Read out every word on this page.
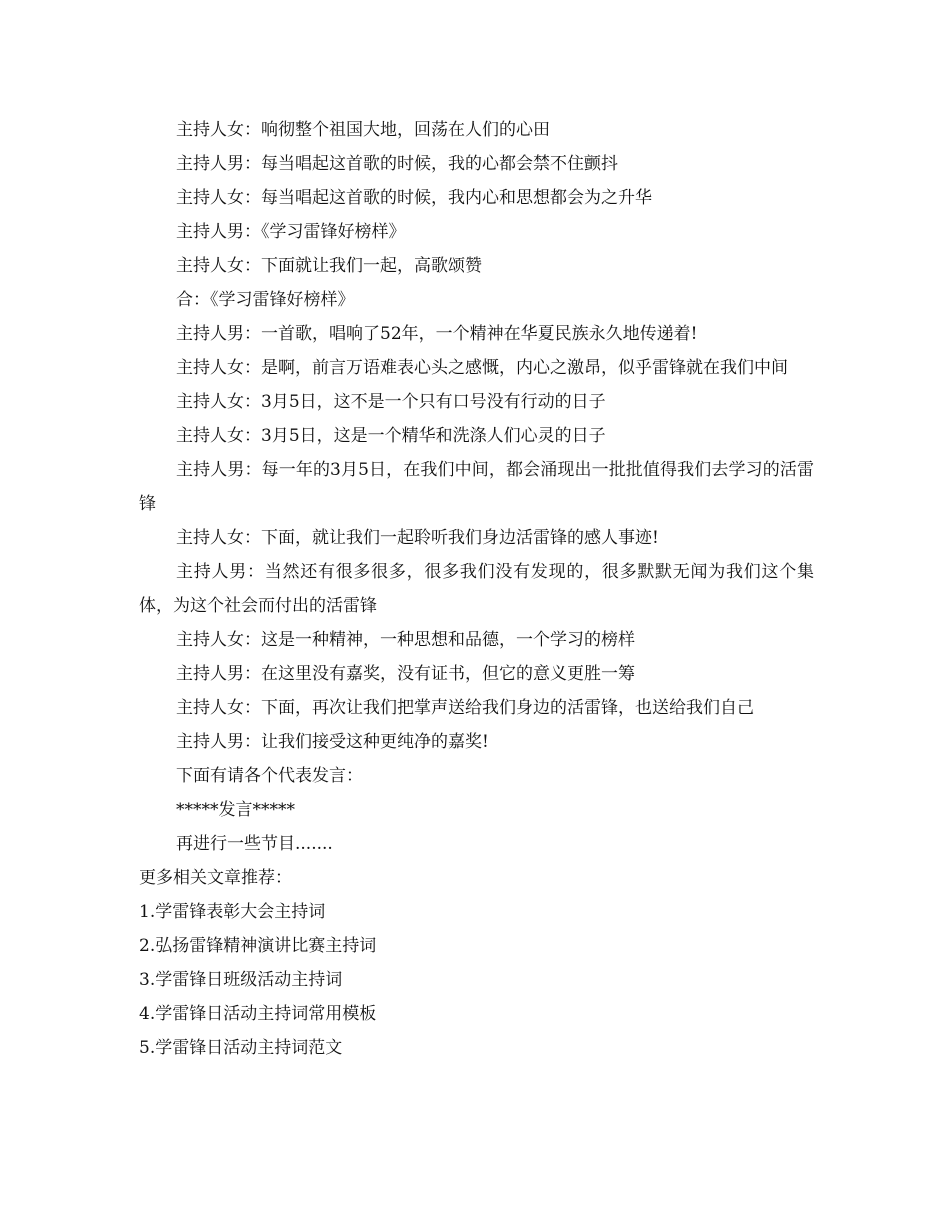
主持人女：响彻整个祖国大地，回荡在人们的心田

主持人男：每当唱起这首歌的时候，我的心都会禁不住颤抖

主持人女：每当唱起这首歌的时候，我内心和思想都会为之升华

主持人男：《学习雷锋好榜样》

主持人女：下面就让我们一起，高歌颂赞

合：《学习雷锋好榜样》

主持人男：一首歌，唱响了52年，一个精神在华夏民族永久地传递着!

主持人女：是啊，前言万语难表心头之感慨，内心之激昂，似乎雷锋就在我们中间

主持人女：3月5日，这不是一个只有口号没有行动的日子

主持人女：3月5日，这是一个精华和洗涤人们心灵的日子

主持人男：每一年的3月5日，在我们中间，都会涌现出一批批值得我们去学习的活雷锋

主持人女：下面，就让我们一起聆听我们身边活雷锋的感人事迹!

主持人男：当然还有很多很多，很多我们没有发现的，很多默默无闻为我们这个集体，为这个社会而付出的活雷锋

主持人女：这是一种精神，一种思想和品德，一个学习的榜样

主持人男：在这里没有嘉奖，没有证书，但它的意义更胜一筹

主持人女：下面，再次让我们把掌声送给我们身边的活雷锋，也送给我们自己

主持人男：让我们接受这种更纯净的嘉奖!

下面有请各个代表发言：

*****发言*****

再进行一些节目.......

更多相关文章推荐：

1.学雷锋表彰大会主持词
2.弘扬雷锋精神演讲比赛主持词
3.学雷锋日班级活动主持词
4.学雷锋日活动主持词常用模板
5.学雷锋日活动主持词范文
